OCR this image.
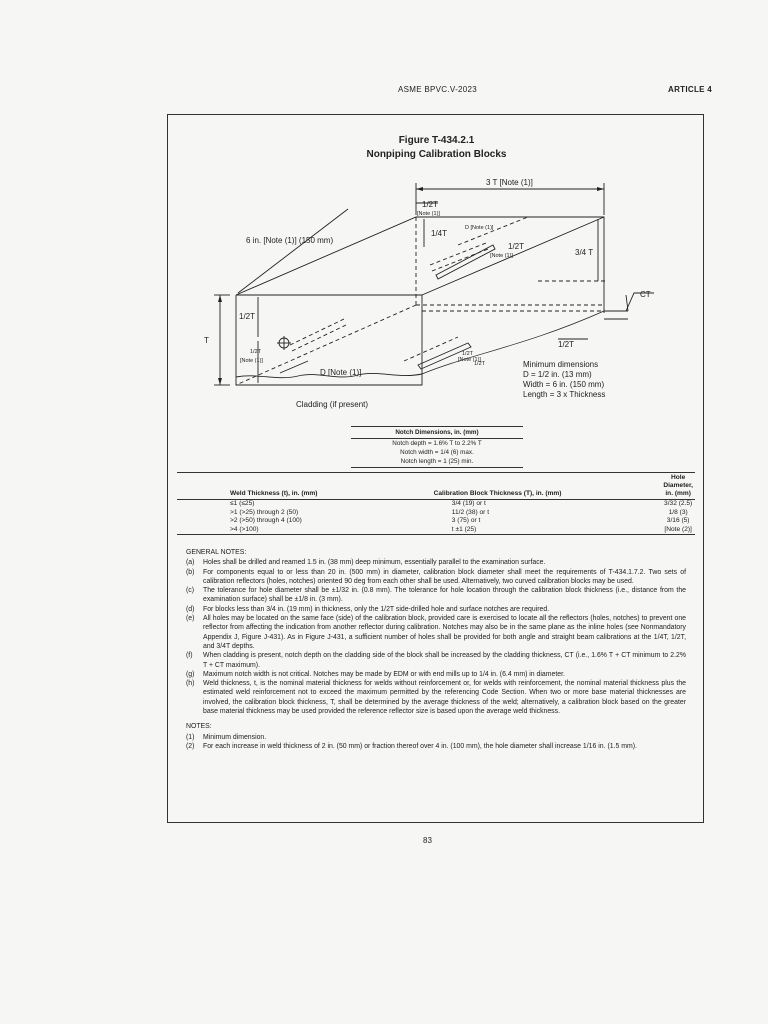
ASME BPVC.V-2023	ARTICLE 4
Figure T-434.2.1
Nonpiping Calibration Blocks
3 T [Note (1)]
1/2T
[Note (1)]
1/4T
D [Note (1)]
1/2T
[Note (1)]	3/4 T
6 in. [Note (1)] (150 mm)
CT
1/2T
T
1/2T
[Note (1)]
1/2T
[Note (1)]
1/2T
1/2T
D [Note (1)]
Cladding (if present)
Minimum dimensions
D = 1/2 in. (13 mm)
Width = 6 in. (150 mm)
Length = 3 x Thickness
Notch Dimensions, in. (mm)
Notch depth = 1.6% T to 2.2% T
Notch width = 1/4 (6) max.
Notch length = 1 (25) min.
Weld Thickness (t), in. (mm)	Calibration Block Thickness (T), in. (mm)	Hole Diameter, in. (mm)
≤1 (≤25)	3/4 (19) or t	3/32 (2.5)
>1 (>25) through 2 (50)	11/2 (38) or t	1/8 (3)
>2 (>50) through 4 (100)	3 (75) or t	3/16 (5)
>4 (>100)	t ±1 (25)	[Note (2)]
GENERAL NOTES:
(a)	Holes shall be drilled and reamed 1.5 in. (38 mm) deep minimum, essentially parallel to the examination surface.
(b)	For components equal to or less than 20 in. (500 mm) in diameter, calibration block diameter shall meet the requirements of T-434.1.7.2. Two sets of calibration reflectors (holes, notches) oriented 90 deg from each other shall be used. Alternatively, two curved calibration blocks may be used.
(c)	The tolerance for hole diameter shall be ±1/32 in. (0.8 mm). The tolerance for hole location through the calibration block thickness (i.e., distance from the examination surface) shall be ±1/8 in. (3 mm).
(d)	For blocks less than 3/4 in. (19 mm) in thickness, only the 1/2T side-drilled hole and surface notches are required.
(e)	All holes may be located on the same face (side) of the calibration block, provided care is exercised to locate all the reflectors (holes, notches) to prevent one reflector from affecting the indication from another reflector during calibration. Notches may also be in the same plane as the inline holes (see Nonmandatory Appendix J, Figure J-431). As in Figure J-431, a sufficient number of holes shall be provided for both angle and straight beam calibrations at the 1/4T, 1/2T, and 3/4T depths.
(f)	When cladding is present, notch depth on the cladding side of the block shall be increased by the cladding thickness, CT (i.e., 1.6% T + CT minimum to 2.2% T + CT maximum).
(g)	Maximum notch width is not critical. Notches may be made by EDM or with end mills up to 1/4 in. (6.4 mm) in diameter.
(h)	Weld thickness, t, is the nominal material thickness for welds without reinforcement or, for welds with reinforcement, the nominal material thickness plus the estimated weld reinforcement not to exceed the maximum permitted by the referencing Code Section. When two or more base material thicknesses are involved, the calibration block thickness, T, shall be determined by the average thickness of the weld; alternatively, a calibration block based on the greater base material thickness may be used provided the reference reflector size is based upon the average weld thickness.
NOTES:
(1)	Minimum dimension.
(2)	For each increase in weld thickness of 2 in. (50 mm) or fraction thereof over 4 in. (100 mm), the hole diameter shall increase 1/16 in. (1.5 mm).
83
